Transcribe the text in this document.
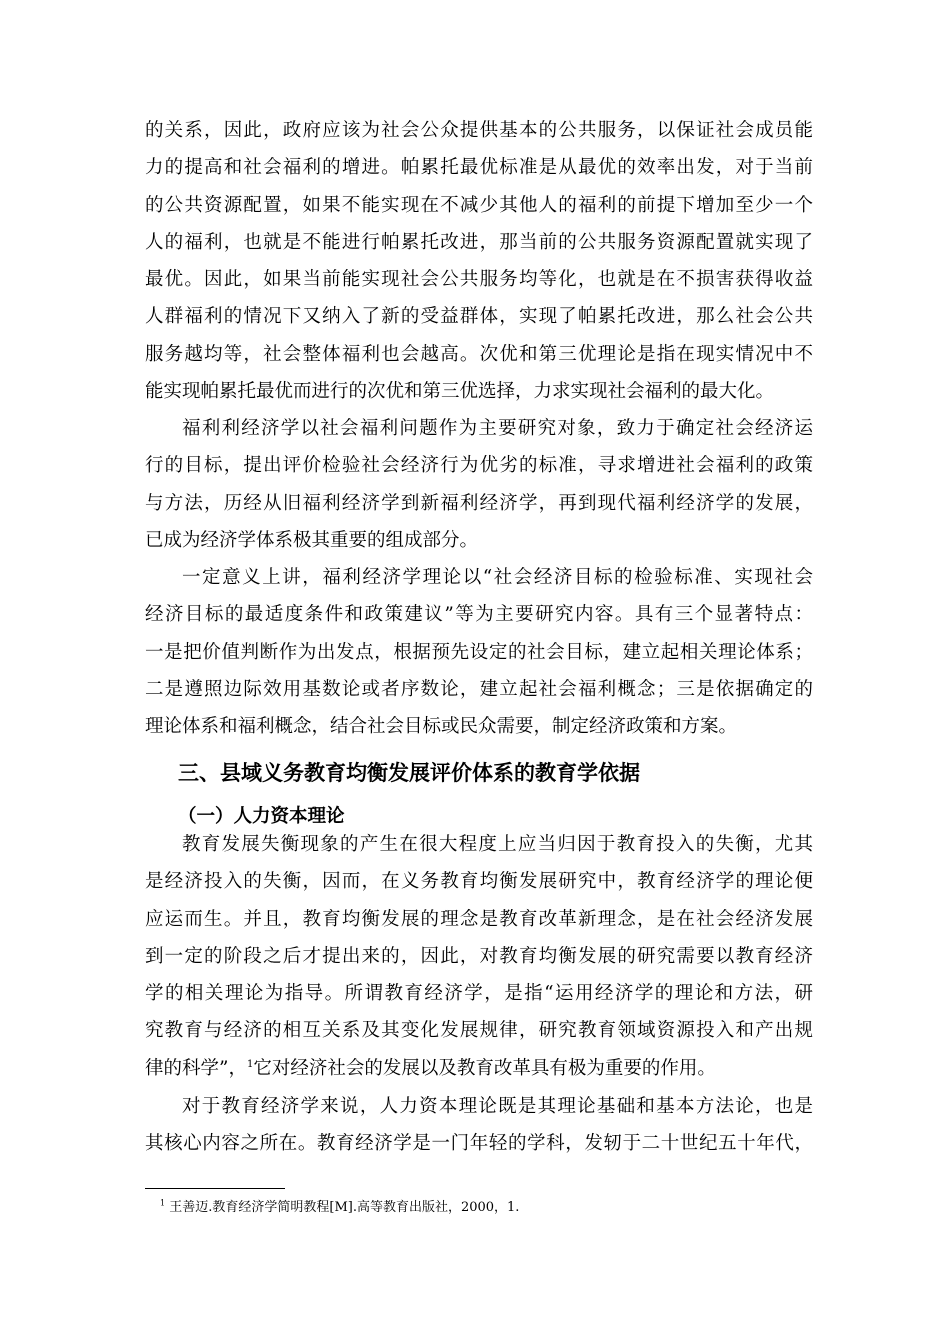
的关系，因此，政府应该为社会公众提供基本的公共服务，以保证社会成员能
力的提高和社会福利的增进。帕累托最优标准是从最优的效率出发，对于当前
的公共资源配置，如果不能实现在不减少其他人的福利的前提下增加至少一个
人的福利，也就是不能进行帕累托改进，那当前的公共服务资源配置就实现了
最优。因此，如果当前能实现社会公共服务均等化，也就是在不损害获得收益
人群福利的情况下又纳入了新的受益群体，实现了帕累托改进，那么社会公共
服务越均等，社会整体福利也会越高。次优和第三优理论是指在现实情况中不
能实现帕累托最优而进行的次优和第三优选择，力求实现社会福利的最大化。
福利利经济学以社会福利问题作为主要研究对象，致力于确定社会经济运
行的目标，提出评价检验社会经济行为优劣的标准，寻求增进社会福利的政策
与方法，历经从旧福利经济学到新福利经济学，再到现代福利经济学的发展，
已成为经济学体系极其重要的组成部分。
一定意义上讲，福利经济学理论以“社会经济目标的检验标准、实现社会
经济目标的最适度条件和政策建议”等为主要研究内容。具有三个显著特点：
一是把价值判断作为出发点，根据预先设定的社会目标，建立起相关理论体系；
二是遵照边际效用基数论或者序数论，建立起社会福利概念；三是依据确定的
理论体系和福利概念，结合社会目标或民众需要，制定经济政策和方案。
三、县域义务教育均衡发展评价体系的教育学依据
（一）人力资本理论
教育发展失衡现象的产生在很大程度上应当归因于教育投入的失衡，尤其
是经济投入的失衡，因而，在义务教育均衡发展研究中，教育经济学的理论便
应运而生。并且，教育均衡发展的理念是教育改革新理念，是在社会经济发展
到一定的阶段之后才提出来的，因此，对教育均衡发展的研究需要以教育经济
学的相关理论为指导。所谓教育经济学，是指“运用经济学的理论和方法，研
究教育与经济的相互关系及其变化发展规律，研究教育领域资源投入和产出规
律的科学”，$^1$它对经济社会的发展以及教育改革具有极为重要的作用。
对于教育经济学来说，人力资本理论既是其理论基础和基本方法论，也是
其核心内容之所在。教育经济学是一门年轻的学科，发轫于二十世纪五十年代，
$^1$ 王善迈.教育经济学简明教程[M].高等教育出版社，2000，1.
